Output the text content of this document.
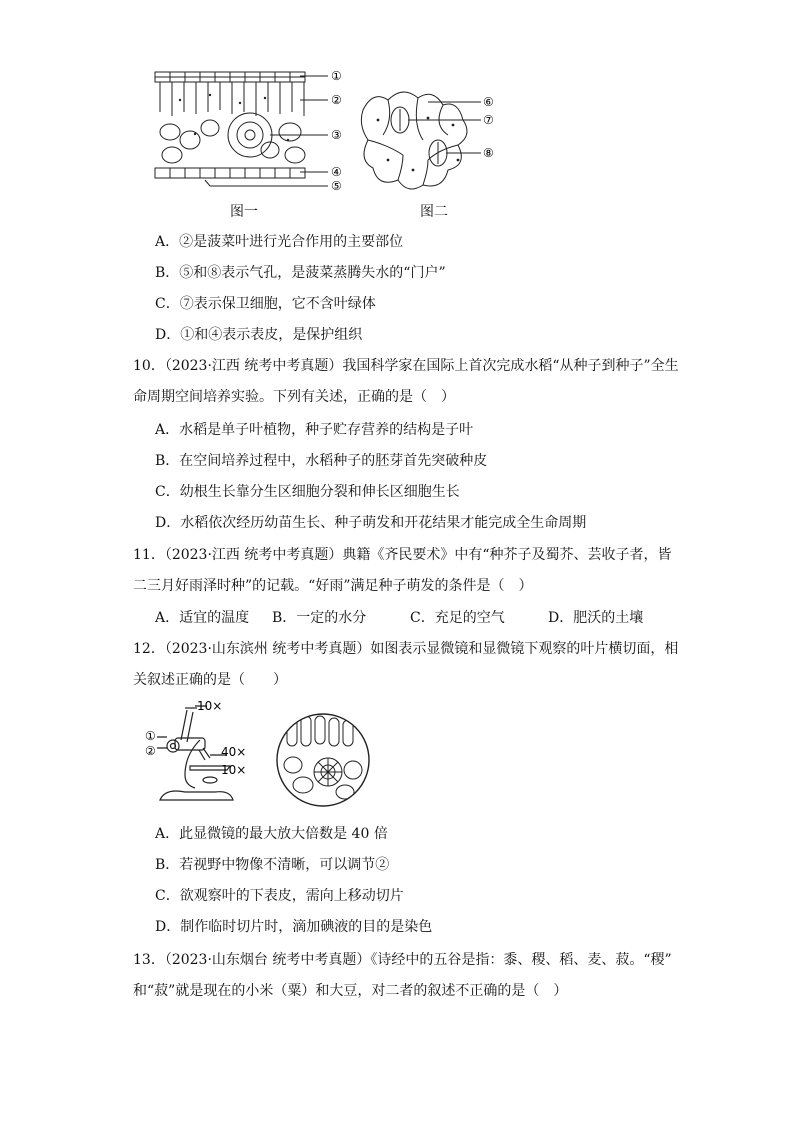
①
②
③
④
⑤
图一
⑥
⑦
⑧
图二
A．②是菠菜叶进行光合作用的主要部位
B．⑤和⑧表示气孔，是菠菜蒸腾失水的“门户”
C．⑦表示保卫细胞，它不含叶绿体
D．①和④表示表皮，是保护组织
10．（2023·江西 统考中考真题）我国科学家在国际上首次完成水稻“从种子到种子”全生
命周期空间培养实验。下列有关述，正确的是（　）
A．水稻是单子叶植物，种子贮存营养的结构是子叶
B．在空间培养过程中，水稻种子的胚芽首先突破种皮
C．幼根生长靠分生区细胞分裂和伸长区细胞生长
D．水稻依次经历幼苗生长、种子萌发和开花结果才能完成全生命周期
11．（2023·江西 统考中考真题）典籍《齐民要术》中有“种芥子及蜀芥、芸收子者，皆
二三月好雨泽时种”的记载。“好雨”满足种子萌发的条件是（　）
A．适宜的温度 B．一定的水分	C．充足的空气	D．肥沃的土壤
12．（2023·山东滨州 统考中考真题）如图表示显微镜和显微镜下观察的叶片横切面，相
关叙述正确的是（　　）
10×
①
②	40×
10×
A．此显微镜的最大放大倍数是 40 倍
B．若视野中物像不清晰，可以调节②
C．欲观察叶的下表皮，需向上移动切片
D．制作临时切片时，滴加碘液的目的是染色
13．（2023·山东烟台 统考中考真题）《诗经中的五谷是指：黍、稷、稻、麦、菽。“稷”
和“菽”就是现在的小米（粟）和大豆，对二者的叙述不正确的是（　）
